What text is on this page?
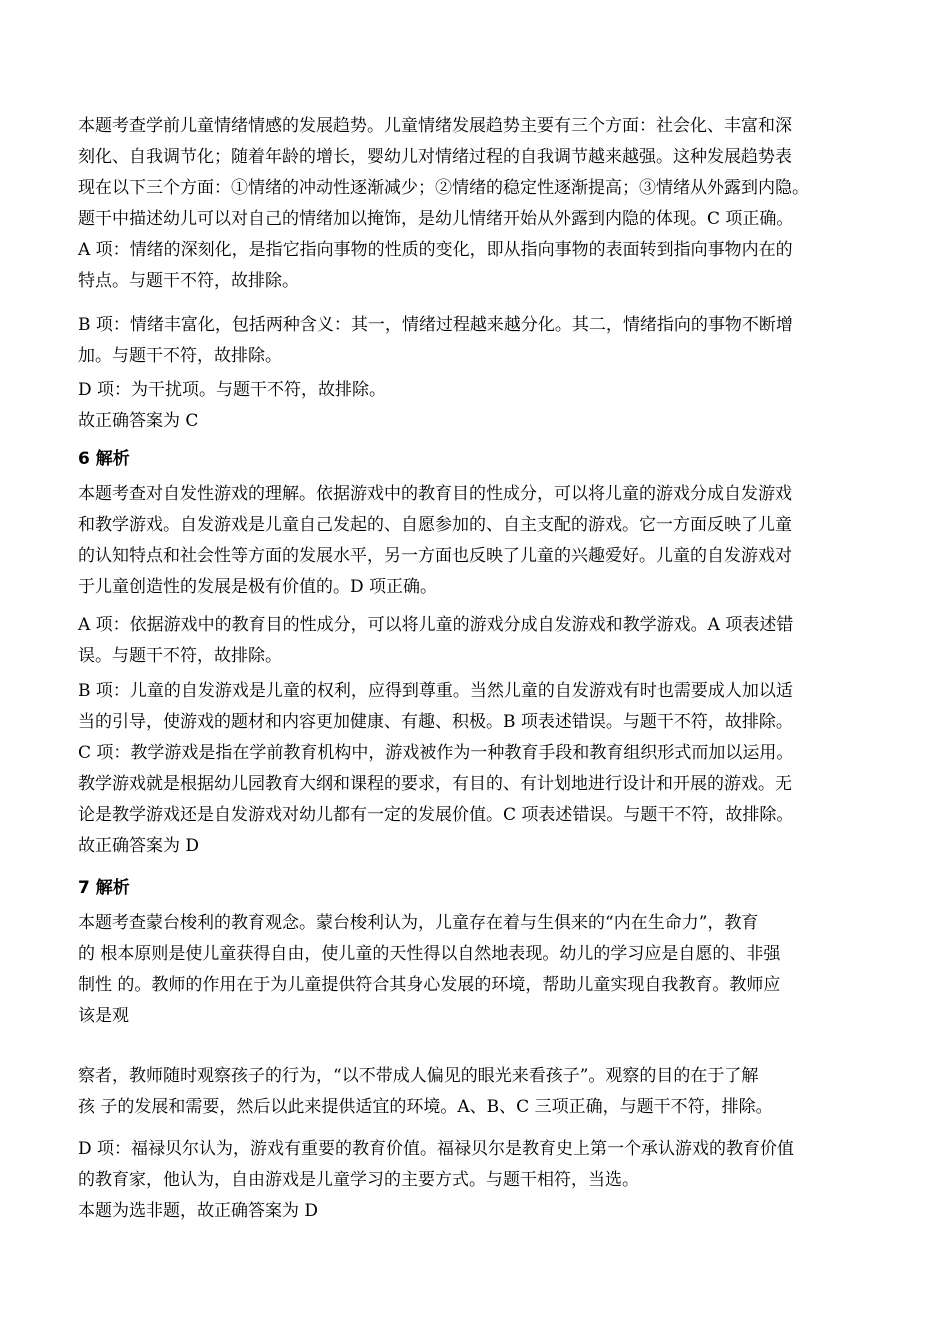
本题考查学前儿童情绪情感的发展趋势。儿童情绪发展趋势主要有三个方面：社会化、丰富和深
刻化、自我调节化；随着年龄的增长，婴幼儿对情绪过程的自我调节越来越强。这种发展趋势表
现在以下三个方面：①情绪的冲动性逐渐减少；②情绪的稳定性逐渐提高；③情绪从外露到内隐。
题干中描述幼儿可以对自己的情绪加以掩饰，是幼儿情绪开始从外露到内隐的体现。C 项正确。
A 项：情绪的深刻化，是指它指向事物的性质的变化，即从指向事物的表面转到指向事物内在的
特点。与题干不符，故排除。
B 项：情绪丰富化，包括两种含义：其一，情绪过程越来越分化。其二，情绪指向的事物不断增
加。与题干不符，故排除。
D 项：为干扰项。与题干不符，故排除。
故正确答案为 C
6 解析
本题考查对自发性游戏的理解。依据游戏中的教育目的性成分，可以将儿童的游戏分成自发游戏
和教学游戏。自发游戏是儿童自己发起的、自愿参加的、自主支配的游戏。它一方面反映了儿童
的认知特点和社会性等方面的发展水平，另一方面也反映了儿童的兴趣爱好。儿童的自发游戏对
于儿童创造性的发展是极有价值的。D 项正确。
A 项：依据游戏中的教育目的性成分，可以将儿童的游戏分成自发游戏和教学游戏。A 项表述错
误。与题干不符，故排除。
B 项：儿童的自发游戏是儿童的权利，应得到尊重。当然儿童的自发游戏有时也需要成人加以适
当的引导，使游戏的题材和内容更加健康、有趣、积极。B 项表述错误。与题干不符，故排除。
C 项：教学游戏是指在学前教育机构中，游戏被作为一种教育手段和教育组织形式而加以运用。
教学游戏就是根据幼儿园教育大纲和课程的要求，有目的、有计划地进行设计和开展的游戏。无
论是教学游戏还是自发游戏对幼儿都有一定的发展价值。C 项表述错误。与题干不符，故排除。
故正确答案为 D
7 解析
本题考查蒙台梭利的教育观念。蒙台梭利认为，儿童存在着与生俱来的“内在生命力”，教育
的 根本原则是使儿童获得自由，使儿童的天性得以自然地表现。幼儿的学习应是自愿的、非强
制性 的。教师的作用在于为儿童提供符合其身心发展的环境，帮助儿童实现自我教育。教师应
该是观
察者，教师随时观察孩子的行为，“以不带成人偏见的眼光来看孩子”。观察的目的在于了解
孩 子的发展和需要，然后以此来提供适宜的环境。A、B、C 三项正确，与题干不符，排除。
D 项：福禄贝尔认为，游戏有重要的教育价值。福禄贝尔是教育史上第一个承认游戏的教育价值
的教育家，他认为，自由游戏是儿童学习的主要方式。与题干相符，当选。
本题为选非题，故正确答案为 D
